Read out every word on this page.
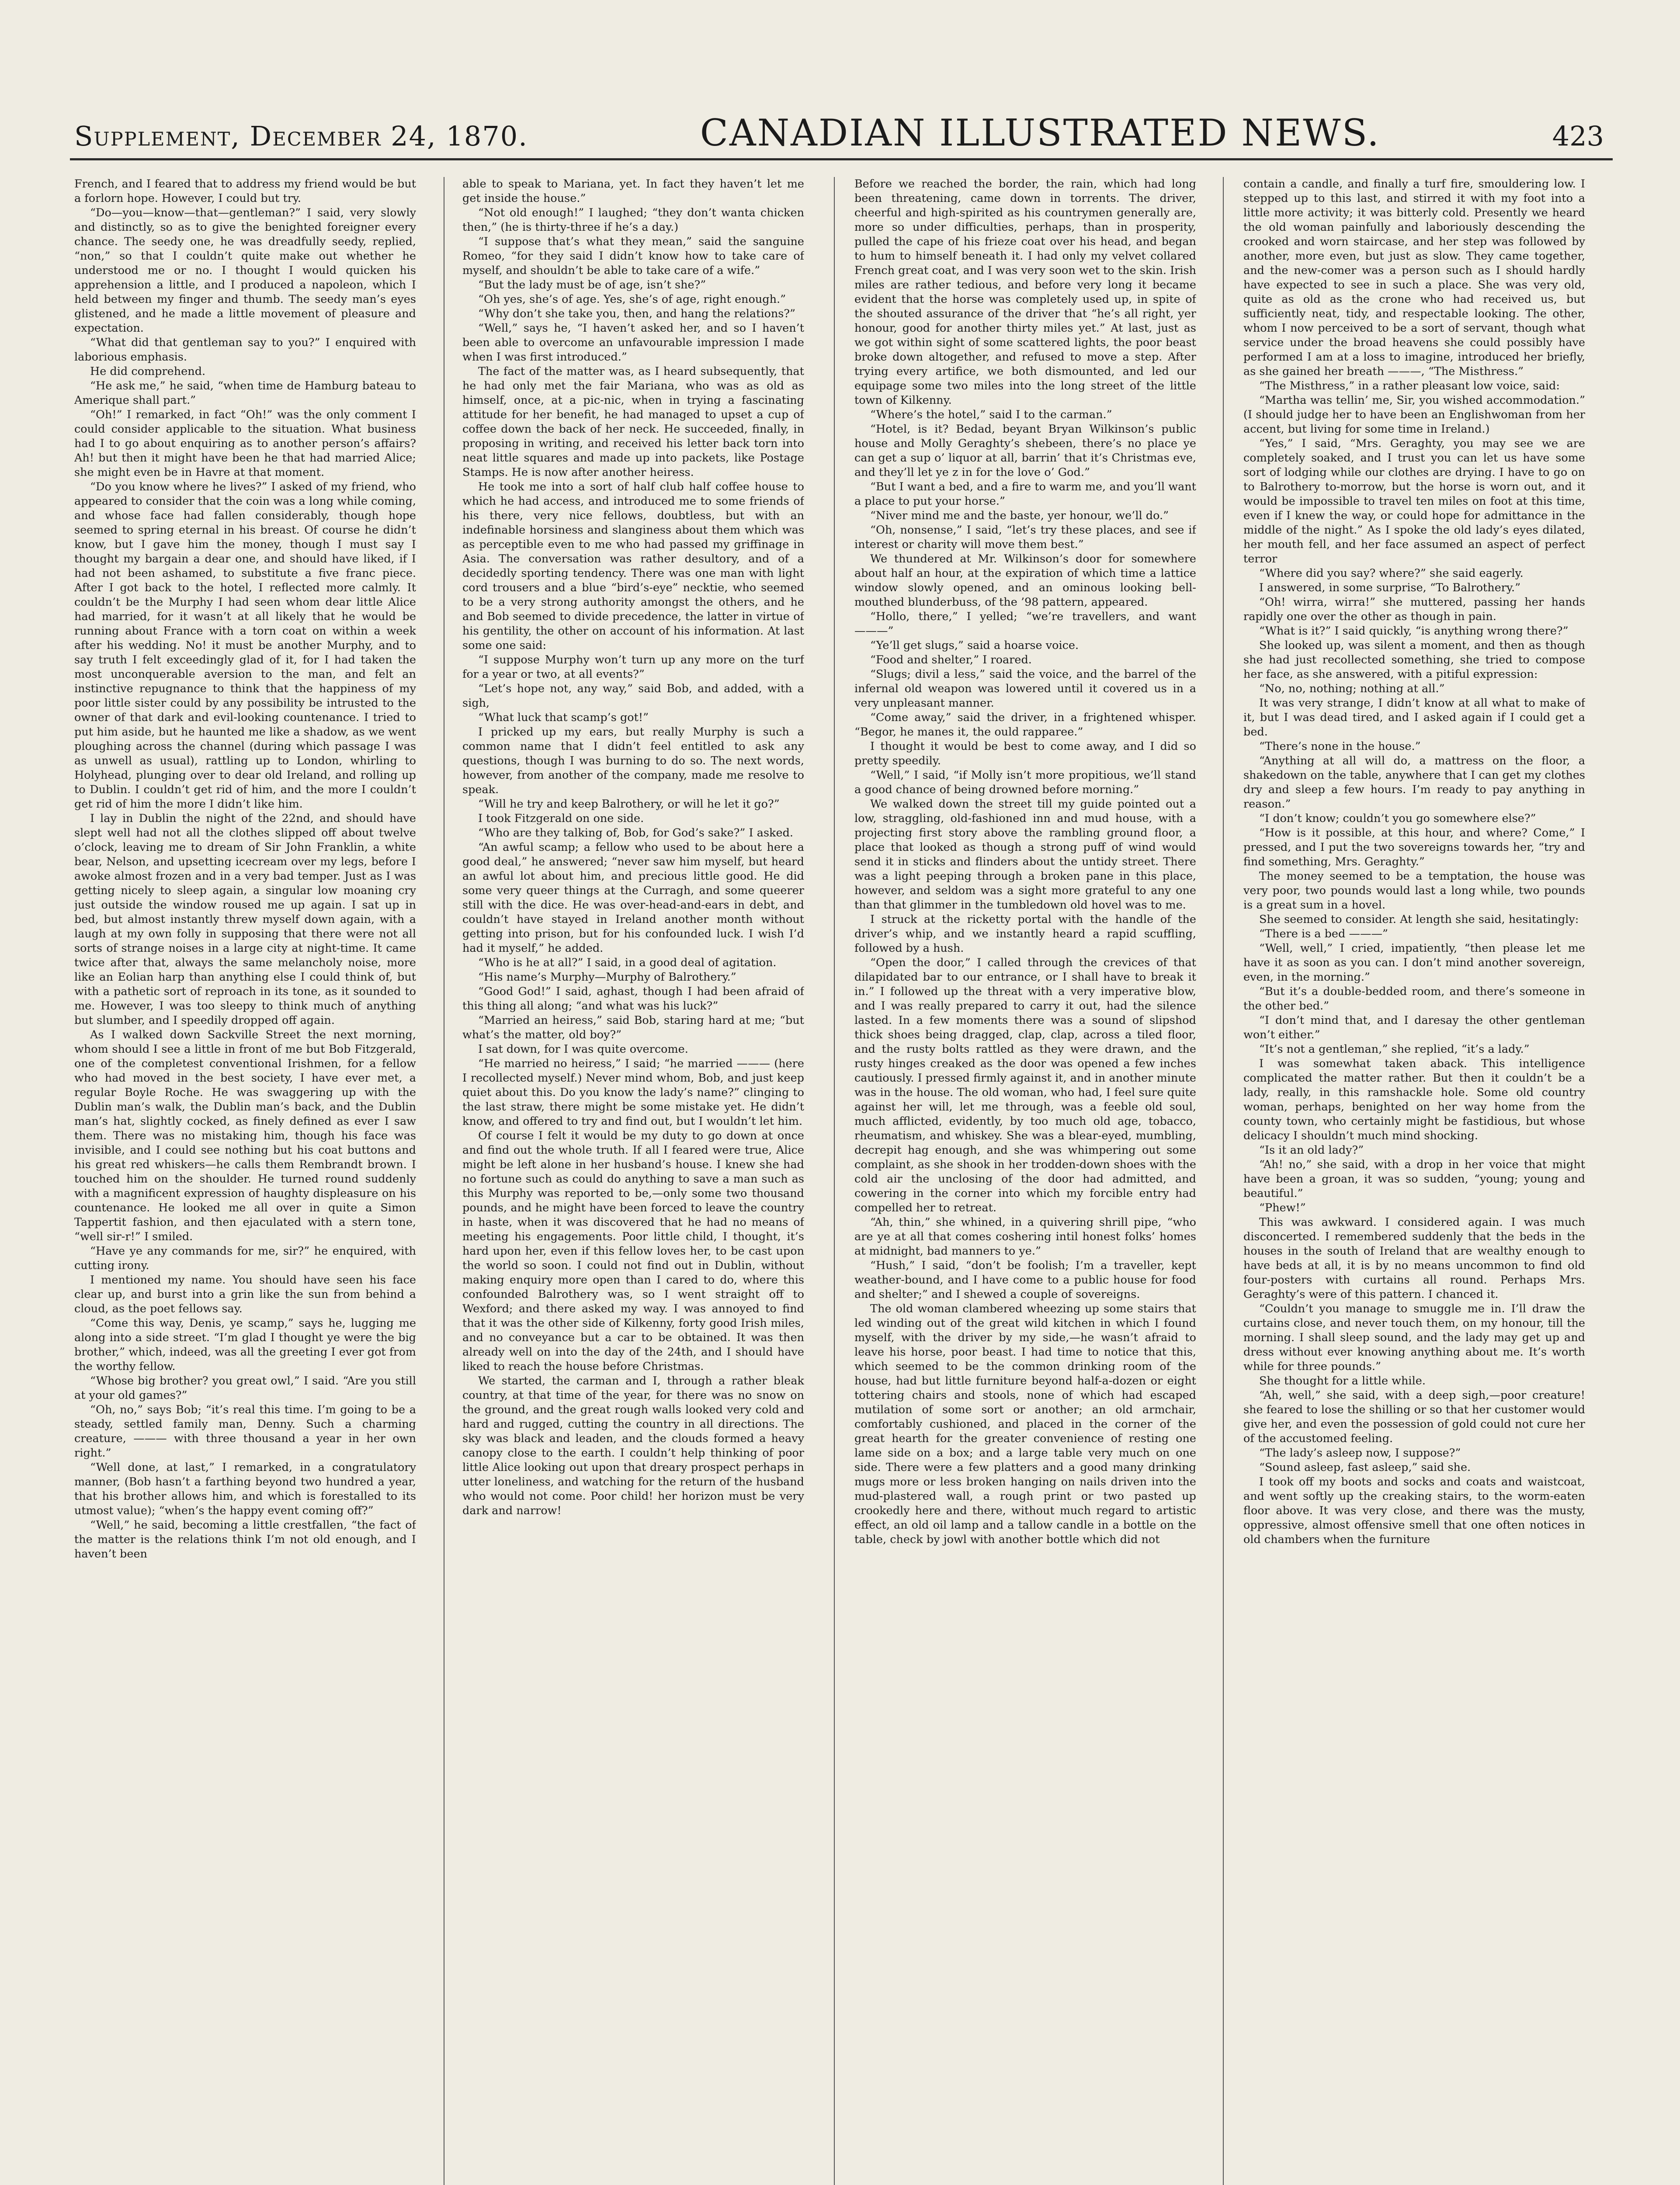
Supplement, December 24, 1870.	CANADIAN ILLUSTRATED NEWS.	423

French, and I feared that to address my friend would be but a forlorn hope. However, I could but try.

“Do—you—know—that—gentleman?” I said, very slowly and distinctly, so as to give the benighted foreigner every chance. The seedy one, he was dreadfully seedy, replied, “non,” so that I couldn’t quite make out whether he understood me or no. I thought I would quicken his apprehension a little, and I produced a napoleon, which I held between my finger and thumb. The seedy man’s eyes glistened, and he made a little movement of pleasure and expectation.

“What did that gentleman say to you?” I enquired with laborious emphasis.

He did comprehend.

“He ask me,” he said, “when time de Hamburg bateau to Amerique shall part.”

“Oh!” I remarked, in fact “Oh!” was the only comment I could consider applicable to the situation. What business had I to go about enquiring as to another person’s affairs? Ah! but then it might have been he that had married Alice; she might even be in Havre at that moment.

“Do you know where he lives?” I asked of my friend, who appeared to consider that the coin was a long while coming, and whose face had fallen considerably, though hope seemed to spring eternal in his breast. Of course he didn’t know, but I gave him the money, though I must say I thought my bargain a dear one, and should have liked, if I had not been ashamed, to substitute a five franc piece. After I got back to the hotel, I reflected more calmly. It couldn’t be the Murphy I had seen whom dear little Alice had married, for it wasn’t at all likely that he would be running about France with a torn coat on within a week after his wedding. No! it must be another Murphy, and to say truth I felt exceedingly glad of it, for I had taken the most unconquerable aversion to the man, and felt an instinctive repugnance to think that the happiness of my poor little sister could by any possibility be intrusted to the owner of that dark and evil-looking countenance. I tried to put him aside, but he haunted me like a shadow, as we went ploughing across the channel (during which passage I was as unwell as usual), rattling up to London, whirling to Holyhead, plunging over to dear old Ireland, and rolling up to Dublin. I couldn’t get rid of him, and the more I couldn’t get rid of him the more I didn’t like him.

I lay in Dublin the night of the 22nd, and should have slept well had not all the clothes slipped off about twelve o’clock, leaving me to dream of Sir John Franklin, a white bear, Nelson, and upsetting icecream over my legs, before I awoke almost frozen and in a very bad temper. Just as I was getting nicely to sleep again, a singular low moaning cry just outside the window roused me up again. I sat up in bed, but almost instantly threw myself down again, with a laugh at my own folly in supposing that there were not all sorts of strange noises in a large city at night-time. It came twice after that, always the same melancholy noise, more like an Eolian harp than anything else I could think of, but with a pathetic sort of reproach in its tone, as it sounded to me. However, I was too sleepy to think much of anything but slumber, and I speedily dropped off again.

As I walked down Sackville Street the next morning, whom should I see a little in front of me but Bob Fitzgerald, one of the completest conventional Irishmen, for a fellow who had moved in the best society, I have ever met, a regular Boyle Roche. He was swaggering up with the Dublin man’s walk, the Dublin man’s back, and the Dublin man’s hat, slightly cocked, as finely defined as ever I saw them. There was no mistaking him, though his face was invisible, and I could see nothing but his coat buttons and his great red whiskers—he calls them Rembrandt brown. I touched him on the shoulder. He turned round suddenly with a magnificent expression of haughty displeasure on his countenance. He looked me all over in quite a Simon Tappertit fashion, and then ejaculated with a stern tone, “well sir-r!” I smiled.

“Have ye any commands for me, sir?” he enquired, with cutting irony.

I mentioned my name. You should have seen his face clear up, and burst into a grin like the sun from behind a cloud, as the poet fellows say.

“Come this way, Denis, ye scamp,” says he, lugging me along into a side street. “I’m glad I thought ye were the big brother,” which, indeed, was all the greeting I ever got from the worthy fellow.

“Whose big brother? you great owl,” I said. “Are you still at your old games?”

“Oh, no,” says Bob; “it’s real this time. I’m going to be a steady, settled family man, Denny. Such a charming creature, ——— with three thousand a year in her own right.”

“Well done, at last,” I remarked, in a congratulatory manner, (Bob hasn’t a farthing beyond two hundred a year, that his brother allows him, and which is forestalled to its utmost value); “when’s the happy event coming off?”

“Well,” he said, becoming a little crestfallen, “the fact of the matter is the relations think I’m not old enough, and I haven’t been

able to speak to Mariana, yet. In fact they haven’t let me get inside the house.”

“Not old enough!” I laughed; “they don’t wanta chicken then,” (he is thirty-three if he’s a day.)

“I suppose that’s what they mean,” said the sanguine Romeo, “for they said I didn’t know how to take care of myself, and shouldn’t be able to take care of a wife.”

“But the lady must be of age, isn’t she?”

“Oh yes, she’s of age. Yes, she’s of age, right enough.”

“Why don’t she take you, then, and hang the relations?”

“Well,” says he, “I haven’t asked her, and so I haven’t been able to overcome an unfavourable impression I made when I was first introduced.”

The fact of the matter was, as I heard subsequently, that he had only met the fair Mariana, who was as old as himself, once, at a pic-nic, when in trying a fascinating attitude for her benefit, he had managed to upset a cup of coffee down the back of her neck. He succeeded, finally, in proposing in writing, and received his letter back torn into neat little squares and made up into packets, like Postage Stamps. He is now after another heiress.

He took me into a sort of half club half coffee house to which he had access, and introduced me to some friends of his there, very nice fellows, doubtless, but with an indefinable horsiness and slanginess about them which was as perceptible even to me who had passed my griffinage in Asia. The conversation was rather desultory, and of a decidedly sporting tendency. There was one man with light cord trousers and a blue “bird’s-eye” necktie, who seemed to be a very strong authority amongst the others, and he and Bob seemed to divide precedence, the latter in virtue of his gentility, the other on account of his information. At last some one said:

“I suppose Murphy won’t turn up any more on the turf for a year or two, at all events?”

“Let’s hope not, any way,” said Bob, and added, with a sigh,

“What luck that scamp’s got!”

I pricked up my ears, but really Murphy is such a common name that I didn’t feel entitled to ask any questions, though I was burning to do so. The next words, however, from another of the company, made me resolve to speak.

“Will he try and keep Balrothery, or will he let it go?”

I took Fitzgerald on one side.

“Who are they talking of, Bob, for God’s sake?” I asked.

“An awful scamp; a fellow who used to be about here a good deal,” he answered; “never saw him myself, but heard an awful lot about him, and precious little good. He did some very queer things at the Curragh, and some queerer still with the dice. He was over-head-and-ears in debt, and couldn’t have stayed in Ireland another month without getting into prison, but for his confounded luck. I wish I’d had it myself,” he added.

“Who is he at all?” I said, in a good deal of agitation.

“His name’s Murphy—Murphy of Balrothery.”

“Good God!” I said, aghast, though I had been afraid of this thing all along; “and what was his luck?”

“Married an heiress,” said Bob, staring hard at me; “but what’s the matter, old boy?”

I sat down, for I was quite overcome.

“He married no heiress,” I said; “he married ——— (here I recollected myself.) Never mind whom, Bob, and just keep quiet about this. Do you know the lady’s name?” clinging to the last straw, there might be some mistake yet. He didn’t know, and offered to try and find out, but I wouldn’t let him.

Of course I felt it would be my duty to go down at once and find out the whole truth. If all I feared were true, Alice might be left alone in her husband’s house. I knew she had no fortune such as could do anything to save a man such as this Murphy was reported to be,—only some two thousand pounds, and he might have been forced to leave the country in haste, when it was discovered that he had no means of meeting his engagements. Poor little child, I thought, it’s hard upon her, even if this fellow loves her, to be cast upon the world so soon. I could not find out in Dublin, without making enquiry more open than I cared to do, where this confounded Balrothery was, so I went straight off to Wexford; and there asked my way. I was annoyed to find that it was the other side of Kilkenny, forty good Irish miles, and no conveyance but a car to be obtained. It was then already well on into the day of the 24th, and I should have liked to reach the house before Christmas.

We started, the carman and I, through a rather bleak country, at that time of the year, for there was no snow on the ground, and the great rough walls looked very cold and hard and rugged, cutting the country in all directions. The sky was black and leaden, and the clouds formed a heavy canopy close to the earth. I couldn’t help thinking of poor little Alice looking out upon that dreary prospect perhaps in utter loneliness, and watching for the return of the husband who would not come. Poor child! her horizon must be very dark and narrow!

Before we reached the border, the rain, which had long been threatening, came down in torrents. The driver, cheerful and high-spirited as his countrymen generally are, more so under difficulties, perhaps, than in prosperity, pulled the cape of his frieze coat over his head, and began to hum to himself beneath it. I had only my velvet collared French great coat, and I was very soon wet to the skin. Irish miles are rather tedious, and before very long it became evident that the horse was completely used up, in spite of the shouted assurance of the driver that “he’s all right, yer honour, good for another thirty miles yet.” At last, just as we got within sight of some scattered lights, the poor beast broke down altogether, and refused to move a step. After trying every artifice, we both dismounted, and led our equipage some two miles into the long street of the little town of Kilkenny.

“Where’s the hotel,” said I to the carman.”

“Hotel, is it? Bedad, beyant Bryan Wilkinson’s public house and Molly Geraghty’s shebeen, there’s no place ye can get a sup o’ liquor at all, barrin’ that it’s Christmas eve, and they’ll let ye z in for the love o’ God.”

“But I want a bed, and a fire to warm me, and you’ll want a place to put your horse.”

“Niver mind me and the baste, yer honour, we’ll do.”

“Oh, nonsense,” I said, “let’s try these places, and see if interest or charity will move them best.”

We thundered at Mr. Wilkinson’s door for somewhere about half an hour, at the expiration of which time a lattice window slowly opened, and an ominous looking bell-mouthed blunderbuss, of the ’98 pattern, appeared.

“Hollo, there,” I yelled; “we’re travellers, and want———”

“Ye’ll get slugs,” said a hoarse voice.

“Food and shelter,” I roared.

“Slugs; divil a less,” said the voice, and the barrel of the infernal old weapon was lowered until it covered us in a very unpleasant manner.

“Come away,” said the driver, in a frightened whisper. “Begor, he manes it, the ould rapparee.”

I thought it would be best to come away, and I did so pretty speedily.

“Well,” I said, “if Molly isn’t more propitious, we’ll stand a good chance of being drowned before morning.”

We walked down the street till my guide pointed out a low, straggling, old-fashioned inn and mud house, with a projecting first story above the rambling ground floor, a place that looked as though a strong puff of wind would send it in sticks and flinders about the untidy street. There was a light peeping through a broken pane in this place, however, and seldom was a sight more grateful to any one than that glimmer in the tumbledown old hovel was to me.

I struck at the ricketty portal with the handle of the driver’s whip, and we instantly heard a rapid scuffling, followed by a hush.

“Open the door,” I called through the crevices of that dilapidated bar to our entrance, or I shall have to break it in.” I followed up the threat with a very imperative blow, and I was really prepared to carry it out, had the silence lasted. In a few moments there was a sound of slipshod thick shoes being dragged, clap, clap, across a tiled floor, and the rusty bolts rattled as they were drawn, and the rusty hinges creaked as the door was opened a few inches cautiously. I pressed firmly against it, and in another minute was in the house. The old woman, who had, I feel sure quite against her will, let me through, was a feeble old soul, much afflicted, evidently, by too much old age, tobacco, rheumatism, and whiskey. She was a blear-eyed, mumbling, decrepit hag enough, and she was whimpering out some complaint, as she shook in her trodden-down shoes with the cold air the unclosing of the door had admitted, and cowering in the corner into which my forcible entry had compelled her to retreat.

“Ah, thin,” she whined, in a quivering shrill pipe, “who are ye at all that comes coshering intil honest folks’ homes at midnight, bad manners to ye.”

“Hush,” I said, “don’t be foolish; I’m a traveller, kept weather-bound, and I have come to a public house for food and shelter;” and I shewed a couple of sovereigns.

The old woman clambered wheezing up some stairs that led winding out of the great wild kitchen in which I found myself, with the driver by my side,—he wasn’t afraid to leave his horse, poor beast. I had time to notice that this, which seemed to be the common drinking room of the house, had but little furniture beyond half-a-dozen or eight tottering chairs and stools, none of which had escaped mutilation of some sort or another; an old armchair, comfortably cushioned, and placed in the corner of the great hearth for the greater convenience of resting one lame side on a box; and a large table very much on one side. There were a few platters and a good many drinking mugs more or less broken hanging on nails driven into the mud-plastered wall, a rough print or two pasted up crookedly here and there, without much regard to artistic effect, an old oil lamp and a tallow candle in a bottle on the table, check by jowl with another bottle which did not

contain a candle, and finally a turf fire, smouldering low. I stepped up to this last, and stirred it with my foot into a little more activity; it was bitterly cold. Presently we heard the old woman painfully and laboriously descending the crooked and worn staircase, and her step was followed by another, more even, but just as slow. They came together, and the new-comer was a person such as I should hardly have expected to see in such a place. She was very old, quite as old as the crone who had received us, but sufficiently neat, tidy, and respectable looking. The other, whom I now perceived to be a sort of servant, though what service under the broad heavens she could possibly have performed I am at a loss to imagine, introduced her briefly, as she gained her breath ———, “The Misthress.”

“The Misthress,” in a rather pleasant low voice, said:

“Martha was tellin’ me, Sir, you wished accommodation.” (I should judge her to have been an Englishwoman from her accent, but living for some time in Ireland.)

“Yes,” I said, “Mrs. Geraghty, you may see we are completely soaked, and I trust you can let us have some sort of lodging while our clothes are drying. I have to go on to Balrothery to-morrow, but the horse is worn out, and it would be impossible to travel ten miles on foot at this time, even if I knew the way, or could hope for admittance in the middle of the night.” As I spoke the old lady’s eyes dilated, her mouth fell, and her face assumed an aspect of perfect terror

“Where did you say? where?” she said eagerly.

I answered, in some surprise, “To Balrothery.”

“Oh! wirra, wirra!” she muttered, passing her hands rapidly one over the other as though in pain.

“What is it?” I said quickly, “is anything wrong there?”

She looked up, was silent a moment, and then as though she had just recollected something, she tried to compose her face, as she answered, with a pitiful expression:

“No, no, nothing; nothing at all.”

It was very strange, I didn’t know at all what to make of it, but I was dead tired, and I asked again if I could get a bed.

“There’s none in the house.”

“Anything at all will do, a mattress on the floor, a shakedown on the table, anywhere that I can get my clothes dry and sleep a few hours. I’m ready to pay anything in reason.”

“I don’t know; couldn’t you go somewhere else?”

“How is it possible, at this hour, and where? Come,” I pressed, and I put the two sovereigns towards her, “try and find something, Mrs. Geraghty.”

The money seemed to be a temptation, the house was very poor, two pounds would last a long while, two pounds is a great sum in a hovel.

She seemed to consider. At length she said, hesitatingly:

“There is a bed ———”

“Well, well,” I cried, impatiently, “then please let me have it as soon as you can. I don’t mind another sovereign, even, in the morning.”

“But it’s a double-bedded room, and there’s someone in the other bed.”

“I don’t mind that, and I daresay the other gentleman won’t either.”

“It’s not a gentleman,” she replied, “it’s a lady.”

I was somewhat taken aback. This intelligence complicated the matter rather. But then it couldn’t be a lady, really, in this ramshackle hole. Some old country woman, perhaps, benighted on her way home from the county town, who certainly might be fastidious, but whose delicacy I shouldn’t much mind shocking.

“Is it an old lady?”

“Ah! no,” she said, with a drop in her voice that might have been a groan, it was so sudden, “young; young and beautiful.”

“Phew!”

This was awkward. I considered again. I was much disconcerted. I remembered suddenly that the beds in the houses in the south of Ireland that are wealthy enough to have beds at all, it is by no means uncommon to find old four-posters with curtains all round. Perhaps Mrs. Geraghty’s were of this pattern. I chanced it.

“Couldn’t you manage to smuggle me in. I’ll draw the curtains close, and never touch them, on my honour, till the morning. I shall sleep sound, and the lady may get up and dress without ever knowing anything about me. It’s worth while for three pounds.”

She thought for a little while.

“Ah, well,” she said, with a deep sigh,—poor creature! she feared to lose the shilling or so that her customer would give her, and even the possession of gold could not cure her of the accustomed feeling.

“The lady’s asleep now, I suppose?”

“Sound asleep, fast asleep,” said she.

I took off my boots and socks and coats and waistcoat, and went softly up the creaking stairs, to the worm-eaten floor above. It was very close, and there was the musty, oppressive, almost offensive smell that one often notices in old chambers when the furniture
